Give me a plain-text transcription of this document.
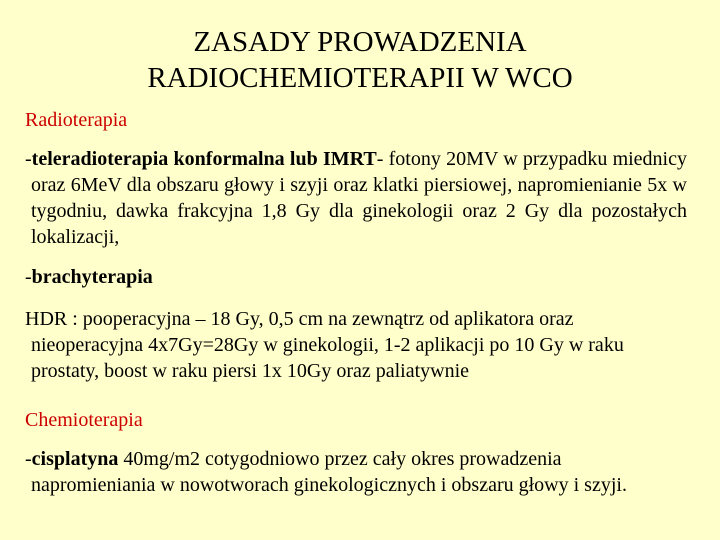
ZASADY PROWADZENIA
RADIOCHEMIOTERAPII W WCO
Radioterapia
-teleradioterapia konformalna lub IMRT- fotony 20MV w przypadku miednicy oraz 6MeV dla obszaru głowy i szyji oraz klatki piersiowej, napromienianie 5x w tygodniu, dawka frakcyjna 1,8 Gy dla ginekologii oraz 2 Gy dla pozostałych lokalizacji,
-brachyterapia
HDR : pooperacyjna – 18 Gy, 0,5 cm na zewnątrz od aplikatora oraz nieoperacyjna 4x7Gy=28Gy w ginekologii, 1-2 aplikacji po 10 Gy w raku prostaty, boost w raku piersi 1x 10Gy oraz paliatywnie
Chemioterapia
-cisplatyna 40mg/m2 cotygodniowo przez cały okres prowadzenia napromieniania w nowotworach ginekologicznych i obszaru głowy i szyji.
